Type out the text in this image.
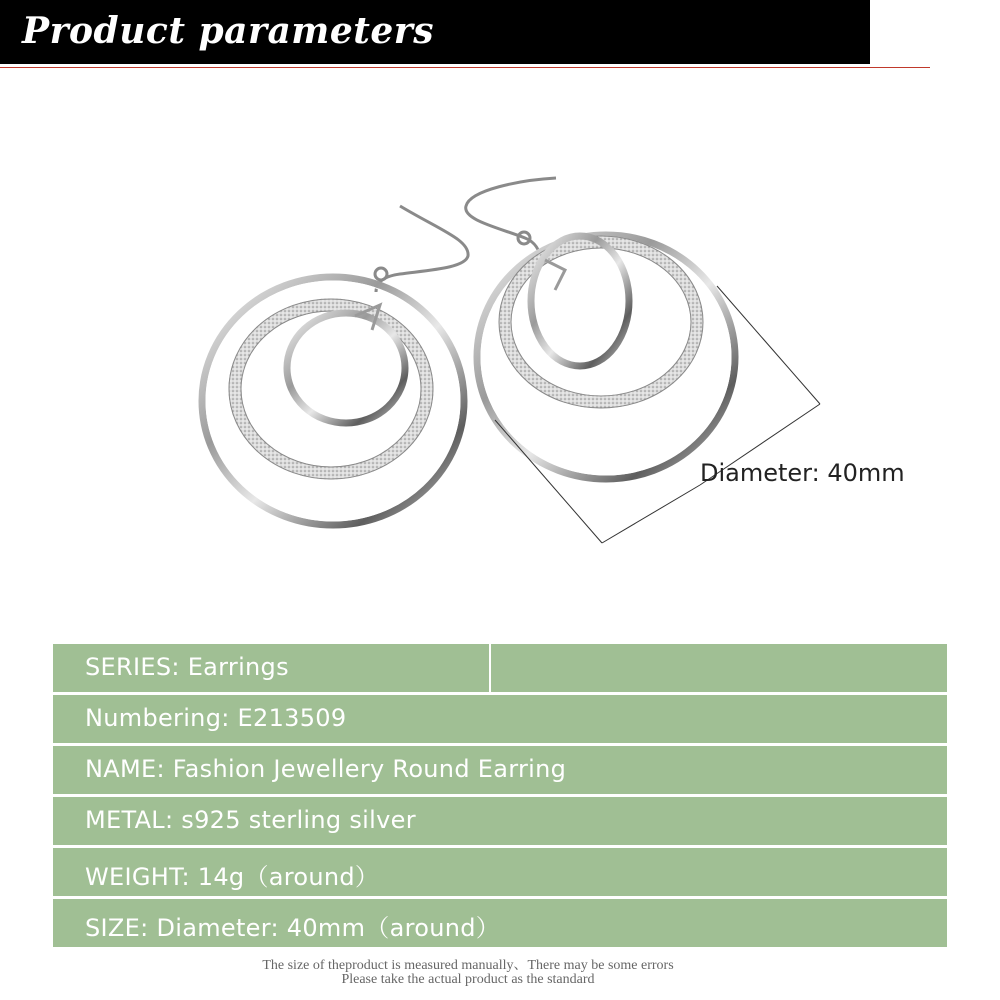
Product parameters
Diameter: 40mm
SERIES: Earrings
Numbering: E213509
NAME: Fashion Jewellery Round Earring
METAL: s925 sterling silver
WEIGHT: 14g（around）
SIZE: Diameter: 40mm（around）
The size of theproduct is measured manually、There may be some errors
Please take the actual product as the standard
